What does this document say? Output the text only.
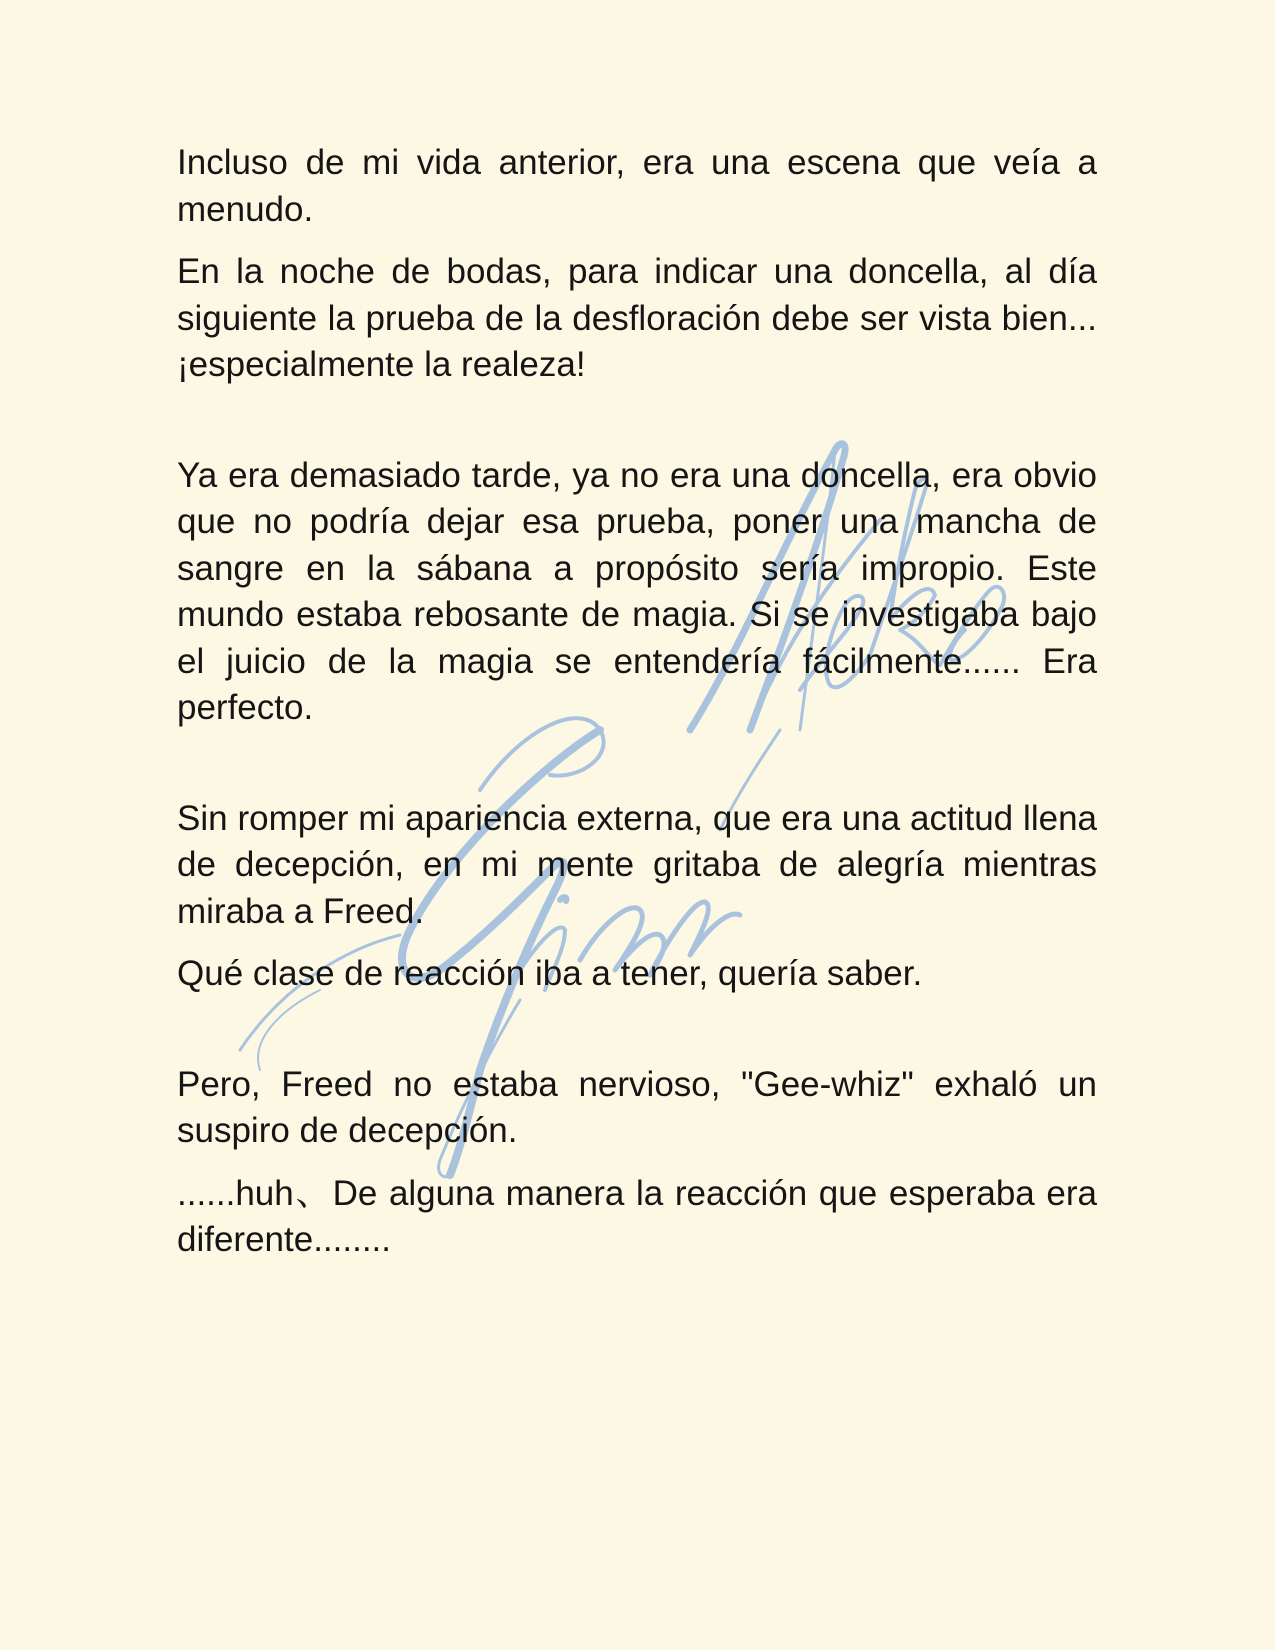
Incluso de mi vida anterior, era una escena que veía a menudo.

En la noche de bodas, para indicar una doncella, al día siguiente la prueba de la desfloración debe ser vista bien... ¡especialmente la realeza!

Ya era demasiado tarde, ya no era una doncella, era obvio que no podría dejar esa prueba, poner una mancha de sangre en la sábana a propósito sería impropio. Este mundo estaba rebosante de magia. Si se investigaba bajo el juicio de la magia se entendería fácilmente...... Era perfecto.

Sin romper mi apariencia externa, que era una actitud llena de decepción, en mi mente gritaba de alegría mientras miraba a Freed.

Qué clase de reacción iba a tener, quería saber.

Pero, Freed no estaba nervioso, "Gee-whiz" exhaló un suspiro de decepción.

......huh、De alguna manera la reacción que esperaba era diferente........
